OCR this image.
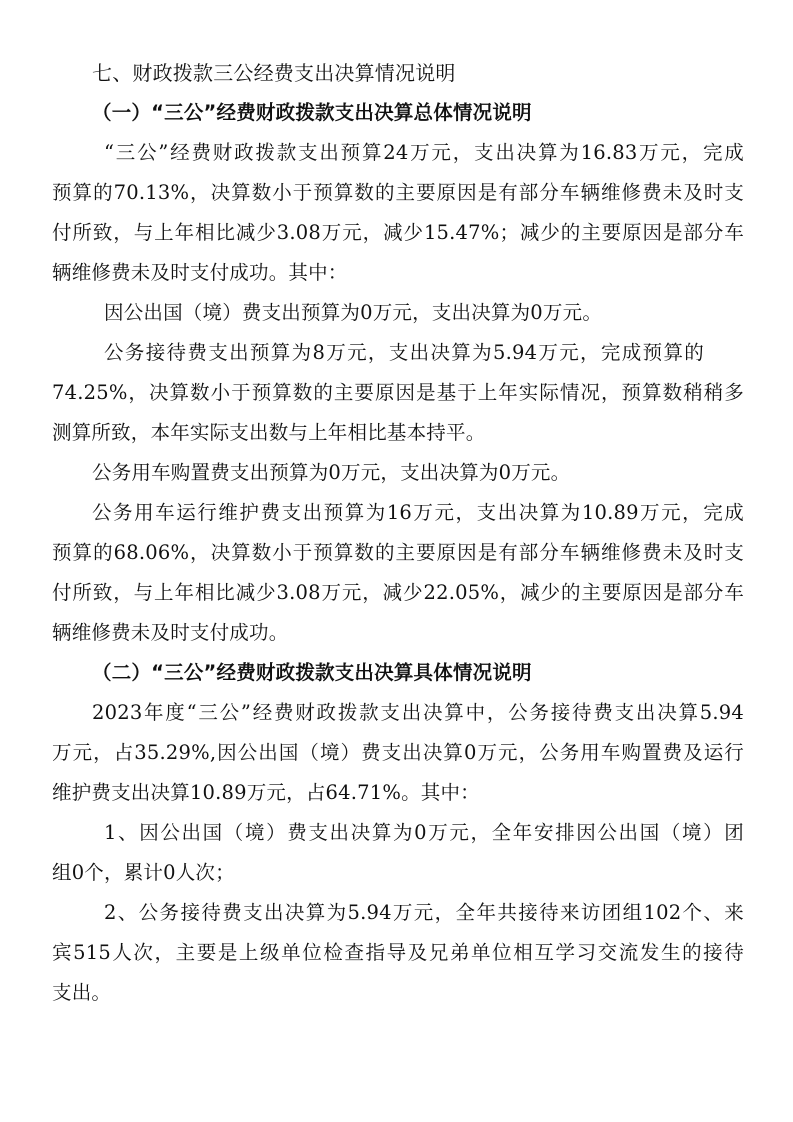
七、财政拨款三公经费支出决算情况说明
（一）“三公”经费财政拨款支出决算总体情况说明
“三公”经费财政拨款支出预算24万元，支出决算为16.83万元，完成
预算的70.13%，决算数小于预算数的主要原因是有部分车辆维修费未及时支
付所致，与上年相比减少3.08万元，减少15.47%；减少的主要原因是部分车
辆维修费未及时支付成功。其中：
因公出国（境）费支出预算为0万元，支出决算为0万元。
公务接待费支出预算为8万元，支出决算为5.94万元，完成预算的
74.25%，决算数小于预算数的主要原因是基于上年实际情况，预算数稍稍多
测算所致，本年实际支出数与上年相比基本持平。
公务用车购置费支出预算为0万元，支出决算为0万元。
公务用车运行维护费支出预算为16万元，支出决算为10.89万元，完成
预算的68.06%，决算数小于预算数的主要原因是有部分车辆维修费未及时支
付所致，与上年相比减少3.08万元，减少22.05%，减少的主要原因是部分车
辆维修费未及时支付成功。
（二）“三公”经费财政拨款支出决算具体情况说明
2023年度“三公”经费财政拨款支出决算中，公务接待费支出决算5.94
万元，占35.29%,因公出国（境）费支出决算0万元，公务用车购置费及运行
维护费支出决算10.89万元，占64.71%。其中：
1、因公出国（境）费支出决算为0万元，全年安排因公出国（境）团
组0个，累计0人次；
2、公务接待费支出决算为5.94万元，全年共接待来访团组102个、来
宾515人次，主要是上级单位检查指导及兄弟单位相互学习交流发生的接待
支出。
